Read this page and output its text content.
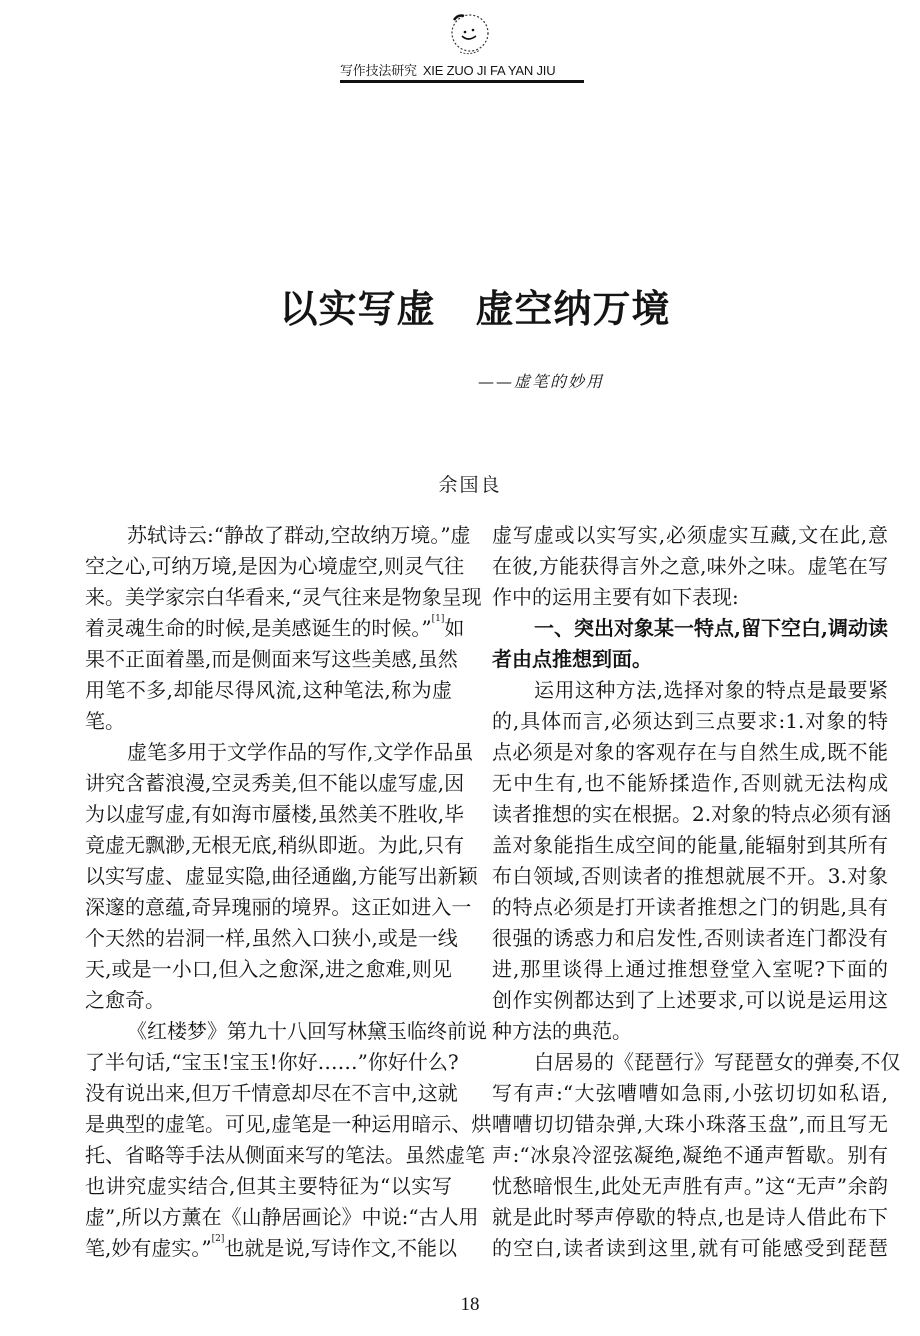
写作技法研究 XIE ZUO JI FA YAN JIU
以实写虚 虚空纳万境
——虚笔的妙用
余国良
苏轼诗云:“静故了群动,空故纳万境。”虚
空之心,可纳万境,是因为心境虚空,则灵气往
来。美学家宗白华看来,“灵气往来是物象呈现
着灵魂生命的时候,是美感诞生的时候。”[1]如
果不正面着墨,而是侧面来写这些美感,虽然
用笔不多,却能尽得风流,这种笔法,称为虚
笔。
虚笔多用于文学作品的写作,文学作品虽
讲究含蓄浪漫,空灵秀美,但不能以虚写虚,因
为以虚写虚,有如海市蜃楼,虽然美不胜收,毕
竟虚无飘渺,无根无底,稍纵即逝。为此,只有
以实写虚、虚显实隐,曲径通幽,方能写出新颖
深邃的意蕴,奇异瑰丽的境界。这正如进入一
个天然的岩洞一样,虽然入口狭小,或是一线
天,或是一小口,但入之愈深,进之愈难,则见
之愈奇。
《红楼梦》第九十八回写林黛玉临终前说
了半句话,“宝玉!宝玉!你好……”你好什么?
没有说出来,但万千情意却尽在不言中,这就
是典型的虚笔。可见,虚笔是一种运用暗示、烘
托、省略等手法从侧面来写的笔法。虽然虚笔
也讲究虚实结合,但其主要特征为“以实写
虚”,所以方薰在《山静居画论》中说:“古人用
笔,妙有虚实。”[2]也就是说,写诗作文,不能以
虚写虚或以实写实,必须虚实互藏,文在此,意
在彼,方能获得言外之意,味外之味。虚笔在写
作中的运用主要有如下表现:
一、突出对象某一特点,留下空白,调动读
者由点推想到面。
运用这种方法,选择对象的特点是最要紧
的,具体而言,必须达到三点要求:1.对象的特
点必须是对象的客观存在与自然生成,既不能
无中生有,也不能矫揉造作,否则就无法构成
读者推想的实在根据。2.对象的特点必须有涵
盖对象能指生成空间的能量,能辐射到其所有
布白领域,否则读者的推想就展不开。3.对象
的特点必须是打开读者推想之门的钥匙,具有
很强的诱惑力和启发性,否则读者连门都没有
进,那里谈得上通过推想登堂入室呢?下面的
创作实例都达到了上述要求,可以说是运用这
种方法的典范。
白居易的《琵琶行》写琵琶女的弹奏,不仅
写有声:“大弦嘈嘈如急雨,小弦切切如私语,
嘈嘈切切错杂弹,大珠小珠落玉盘”,而且写无
声:“冰泉冷涩弦凝绝,凝绝不通声暂歇。别有
忧愁暗恨生,此处无声胜有声。”这“无声”余韵
就是此时琴声停歇的特点,也是诗人借此布下
的空白,读者读到这里,就有可能感受到琵琶
18
